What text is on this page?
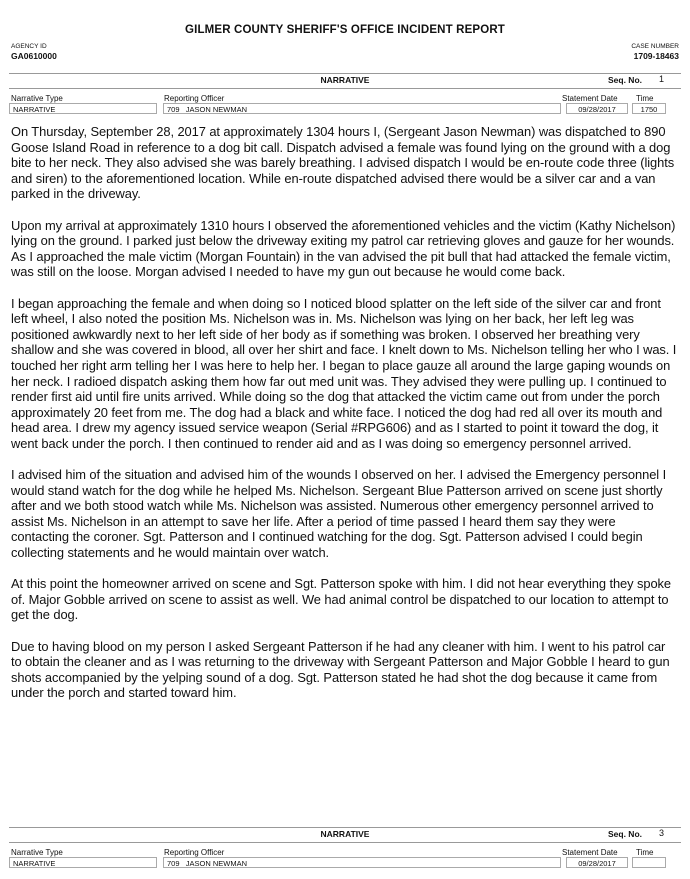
GILMER COUNTY SHERIFF'S OFFICE INCIDENT REPORT
AGENCY ID
GA0610000
CASE NUMBER
1709-18463
NARRATIVE	Seq. No. 1
Narrative Type
NARRATIVE
Reporting Officer
709 JASON NEWMAN
Statement Date
09/28/2017
Time
1750

On Thursday, September 28, 2017 at approximately 1304 hours I, (Sergeant Jason Newman) was dispatched to 890 Goose Island Road in reference to a dog bit call. Dispatch advised a female was found lying on the ground with a dog bite to her neck. They also advised she was barely breathing. I advised dispatch I would be en-route code three (lights and siren) to the aforementioned location. While en-route dispatched advised there would be a silver car and a van parked in the driveway.

Upon my arrival at approximately 1310 hours I observed the aforementioned vehicles and the victim (Kathy Nichelson) lying on the ground. I parked just below the driveway exiting my patrol car retrieving gloves and gauze for her wounds. As I approached the male victim (Morgan Fountain) in the van advised the pit bull that had attacked the female victim, was still on the loose. Morgan advised I needed to have my gun out because he would come back.

I began approaching the female and when doing so I noticed blood splatter on the left side of the silver car and front left wheel, I also noted the position Ms. Nichelson was in. Ms. Nichelson was lying on her back, her left leg was positioned awkwardly next to her left side of her body as if something was broken. I observed her breathing very shallow and she was covered in blood, all over her shirt and face. I knelt down to Ms. Nichelson telling her who I was. I touched her right arm telling her I was here to help her. I began to place gauze all around the large gaping wounds on her neck. I radioed dispatch asking them how far out med unit was. They advised they were pulling up. I continued to render first aid until fire units arrived. While doing so the dog that attacked the victim came out from under the porch approximately 20 feet from me. The dog had a black and white face. I noticed the dog had red all over its mouth and head area. I drew my agency issued service weapon (Serial #RPG606) and as I started to point it toward the dog, it went back under the porch. I then continued to render aid and as I was doing so emergency personnel arrived.

I advised him of the situation and advised him of the wounds I observed on her. I advised the Emergency personnel I would stand watch for the dog while he helped Ms. Nichelson. Sergeant Blue Patterson arrived on scene just shortly after and we both stood watch while Ms. Nichelson was assisted. Numerous other emergency personnel arrived to assist Ms. Nichelson in an attempt to save her life. After a period of time passed I heard them say they were contacting the coroner. Sgt. Patterson and I continued watching for the dog. Sgt. Patterson advised I could begin collecting statements and he would maintain over watch.

At this point the homeowner arrived on scene and Sgt. Patterson spoke with him. I did not hear everything they spoke of. Major Gobble arrived on scene to assist as well. We had animal control be dispatched to our location to attempt to get the dog.

Due to having blood on my person I asked Sergeant Patterson if he had any cleaner with him. I went to his patrol car to obtain the cleaner and as I was returning to the driveway with Sergeant Patterson and Major Gobble I heard to gun shots accompanied by the yelping sound of a dog. Sgt. Patterson stated he had shot the dog because it came from under the porch and started toward him.

NARRATIVE	Seq. No. 3
Narrative Type
NARRATIVE
Reporting Officer
709 JASON NEWMAN
Statement Date
09/28/2017
Time
